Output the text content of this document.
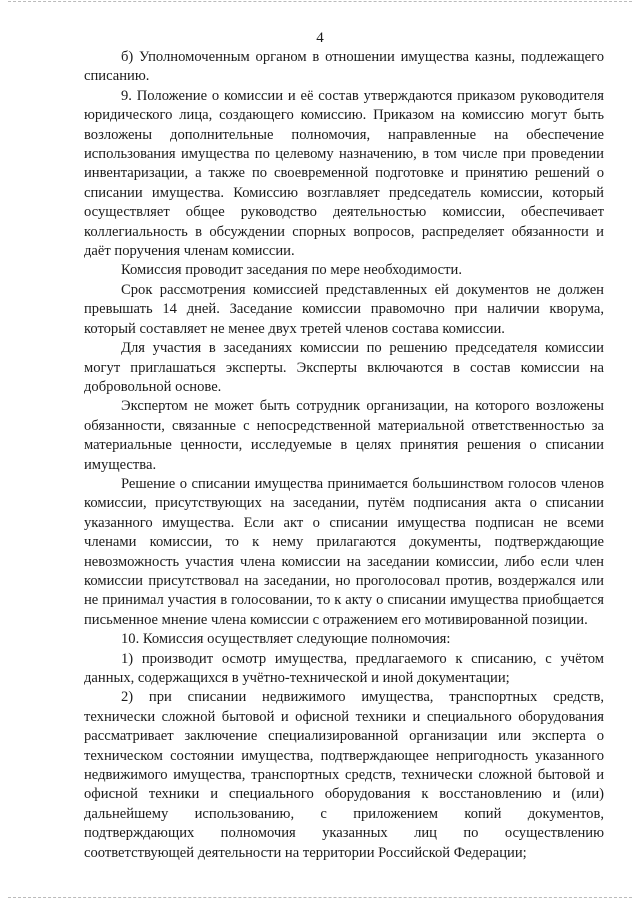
4

б) Уполномоченным органом в отношении имущества казны, подлежащего списанию.

9. Положение о комиссии и её состав утверждаются приказом руководителя юридического лица, создающего комиссию. Приказом на комиссию могут быть возложены дополнительные полномочия, направленные на обеспечение использования имущества по целевому назначению, в том числе при проведении инвентаризации, а также по своевременной подготовке и принятию решений о списании имущества. Комиссию возглавляет председатель комиссии, который осуществляет общее руководство деятельностью комиссии, обеспечивает коллегиальность в обсуждении спорных вопросов, распределяет обязанности и даёт поручения членам комиссии.

Комиссия проводит заседания по мере необходимости.

Срок рассмотрения комиссией представленных ей документов не должен превышать 14 дней. Заседание комиссии правомочно при наличии кворума, который составляет не менее двух третей членов состава комиссии.

Для участия в заседаниях комиссии по решению председателя комиссии могут приглашаться эксперты. Эксперты включаются в состав комиссии на добровольной основе.

Экспертом не может быть сотрудник организации, на которого возложены обязанности, связанные с непосредственной материальной ответственностью за материальные ценности, исследуемые в целях принятия решения о списании имущества.

Решение о списании имущества принимается большинством голосов членов комиссии, присутствующих на заседании, путём подписания акта о списании указанного имущества. Если акт о списании имущества подписан не всеми членами комиссии, то к нему прилагаются документы, подтверждающие невозможность участия члена комиссии на заседании комиссии, либо если член комиссии присутствовал на заседании, но проголосовал против, воздержался или не принимал участия в голосовании, то к акту о списании имущества приобщается письменное мнение члена комиссии с отражением его мотивированной позиции.

10. Комиссия осуществляет следующие полномочия:

1) производит осмотр имущества, предлагаемого к списанию, с учётом данных, содержащихся в учётно-технической и иной документации;

2) при списании недвижимого имущества, транспортных средств, технически сложной бытовой и офисной техники и специального оборудования рассматривает заключение специализированной организации или эксперта о техническом состоянии имущества, подтверждающее непригодность указанного недвижимого имущества, транспортных средств, технически сложной бытовой и офисной техники и специального оборудования к восстановлению и (или) дальнейшему использованию, с приложением копий документов, подтверждающих полномочия указанных лиц по осуществлению соответствующей деятельности на территории Российской Федерации;
